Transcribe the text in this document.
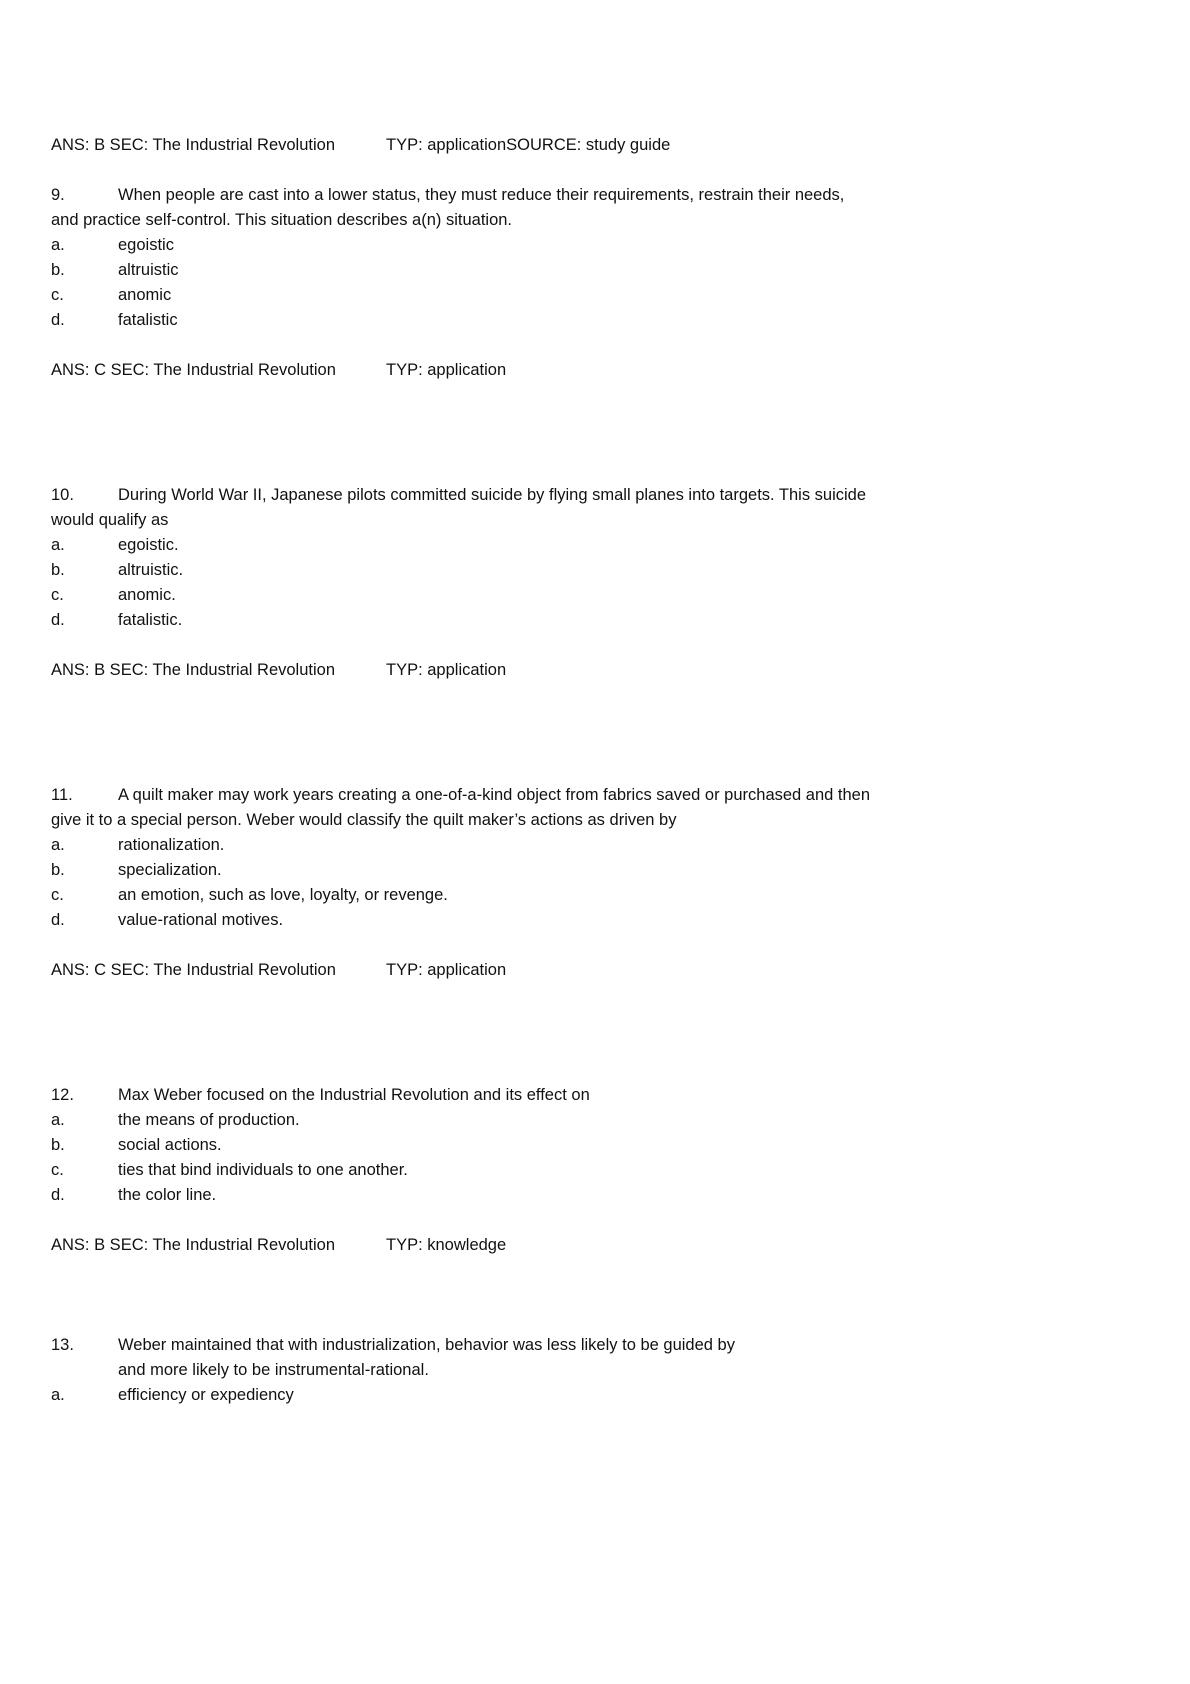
ANS: B SEC: The Industrial Revolution	TYP: applicationSOURCE: study guide
9.	When people are cast into a lower status, they must reduce their requirements, restrain their needs,
and practice self-control. This situation describes a(n) situation.
a.	egoistic
b.	altruistic
c.	anomic
d.	fatalistic
ANS: C SEC: The Industrial Revolution	TYP: application
10.	During World War II, Japanese pilots committed suicide by flying small planes into targets. This suicide
would qualify as
a.	egoistic.
b.	altruistic.
c.	anomic.
d.	fatalistic.
ANS: B SEC: The Industrial Revolution	TYP: application
11.	A quilt maker may work years creating a one-of-a-kind object from fabrics saved or purchased and then
give it to a special person. Weber would classify the quilt maker’s actions as driven by
a.	rationalization.
b.	specialization.
c.	an emotion, such as love, loyalty, or revenge.
d.	value-rational motives.
ANS: C SEC: The Industrial Revolution	TYP: application
12.	Max Weber focused on the Industrial Revolution and its effect on
a.	the means of production.
b.	social actions.
c.	ties that bind individuals to one another.
d.	the color line.
ANS: B SEC: The Industrial Revolution	TYP: knowledge
13.	Weber maintained that with industrialization, behavior was less likely to be guided by
and more likely to be instrumental-rational.
a.	efficiency or expediency
